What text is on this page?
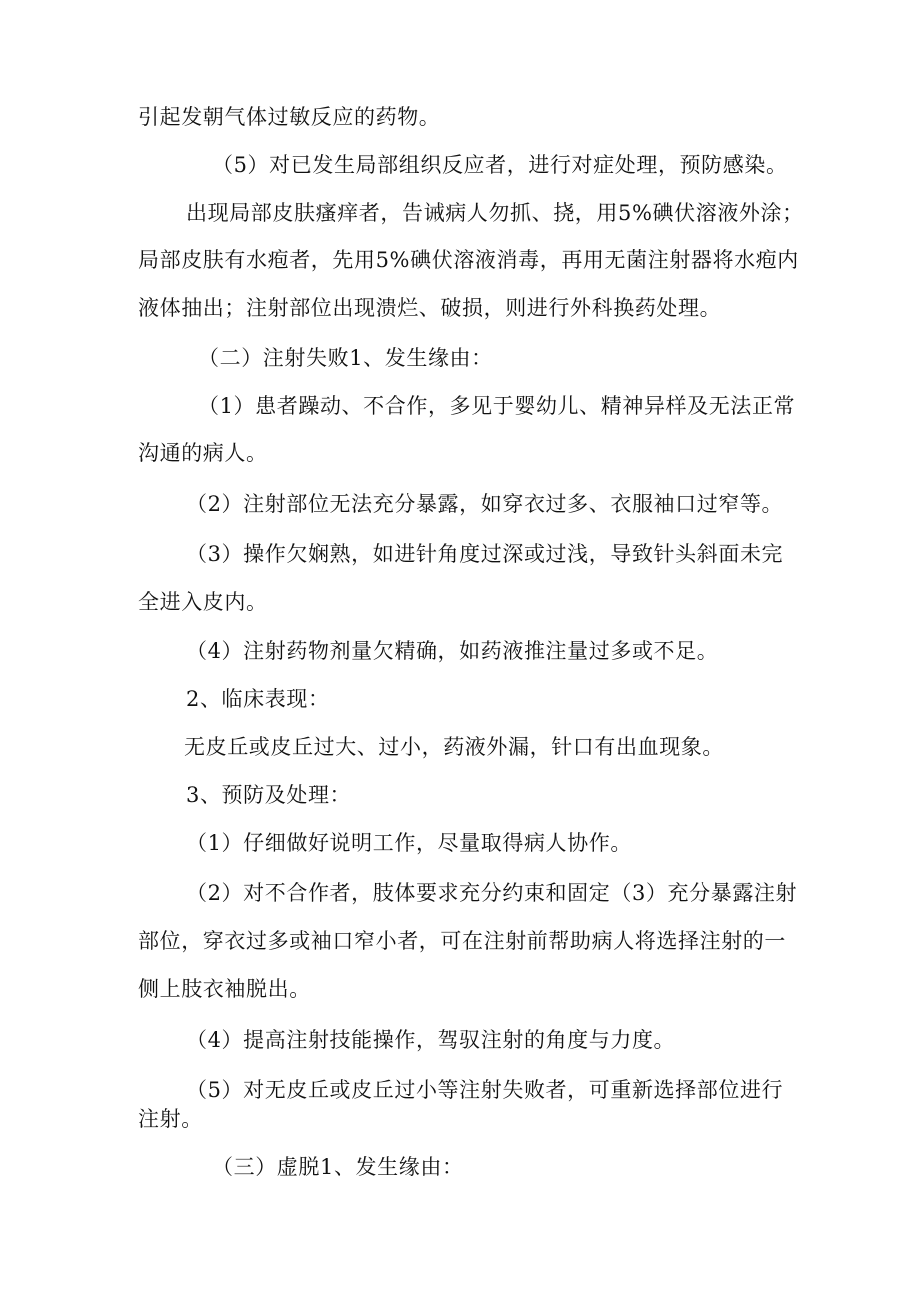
引起发朝气体过敏反应的药物。

（5）对已发生局部组织反应者，进行对症处理，预防感染。

出现局部皮肤瘙痒者，告诫病人勿抓、挠，用5%碘伏溶液外涂；

局部皮肤有水疱者，先用5%碘伏溶液消毒，再用无菌注射器将水疱内

液体抽出；注射部位出现溃烂、破损，则进行外科换药处理。

（二）注射失败1、发生缘由：

（1）患者躁动、不合作，多见于婴幼儿、精神异样及无法正常

沟通的病人。

（2）注射部位无法充分暴露，如穿衣过多、衣服袖口过窄等。

（3）操作欠娴熟，如进针角度过深或过浅，导致针头斜面未完

全进入皮内。

（4）注射药物剂量欠精确，如药液推注量过多或不足。

2、临床表现：

无皮丘或皮丘过大、过小，药液外漏，针口有出血现象。

3、预防及处理：

（1）仔细做好说明工作，尽量取得病人协作。

（2）对不合作者，肢体要求充分约束和固定（3）充分暴露注射

部位，穿衣过多或袖口窄小者，可在注射前帮助病人将选择注射的一

侧上肢衣袖脱出。

（4）提高注射技能操作，驾驭注射的角度与力度。

（5）对无皮丘或皮丘过小等注射失败者，可重新选择部位进行

注射。

（三）虚脱1、发生缘由：
